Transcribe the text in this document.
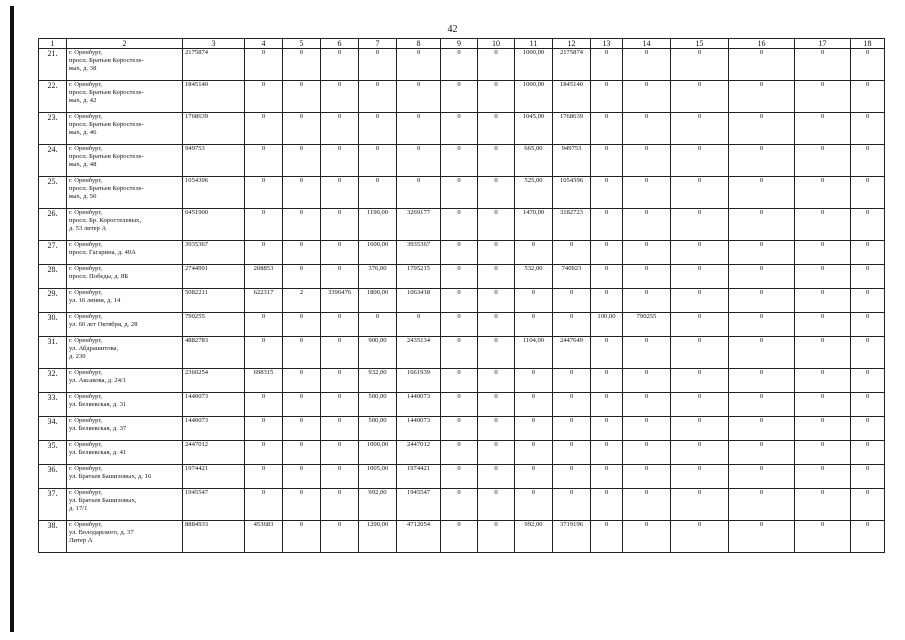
42
1	2	3	4	5	6	7	8	9	10	11	12	13	14	15	16	17	18
21.	г. Оренбург,
просп. Братьев Коростеле-
вых, д. 38	2175874	0	0	0	0	0	0	0	1000,00	2175874	0	0	0	0	0	0
22.	г. Оренбург,
просп. Братьев Коростеле-
вых, д. 42	1845140	0	0	0	0	0	0	0	1000,00	1845140	0	0	0	0	0	0
23.	г. Оренбург,
просп. Братьев Коростеле-
вых, д. 46	1768639	0	0	0	0	0	0	0	1045,00	1768639	0	0	0	0	0	0
24.	г. Оренбург,
просп. Братьев Коростеле-
вых, д. 48	949753	0	0	0	0	0	0	0	665,00	949753	0	0	0	0	0	0
25.	г. Оренбург,
просп. Братьев Коростеле-
вых, д. 50	1054396	0	0	0	0	0	0	0	525,00	1054396	0	0	0	0	0	0
26.	г. Оренбург,
просп. Бр. Коростелевых,
д. 53 литер А	6451900	0	0	0	1190,00	3269177	0	0	1470,00	3182723	0	0	0	0	0	0
27.	г. Оренбург,
просп. Гагарина, д. 40А	3935367	0	0	0	1600,00	3935367	0	0	0	0	0	0	0	0	0	0
28.	г. Оренбург,
просп. Победы, д. 8Б	2744991	208853	0	0	376,00	1795215	0	0	532,00	740923	0	0	0	0	0	0
29.	г. Оренбург,
ул. 16 линия, д. 14	5082211	622317	2	3396476	1800,00	1063418	0	0	0	0	0	0	0	0	0	0
30.	г. Оренбург,
ул. 60 лет Октября, д. 28	790255	0	0	0	0	0	0	0	0	0	100,00	790255	0	0	0	0
31.	г. Оренбург,
ул. Абдрашитова,
д. 230	4882783	0	0	0	900,00	2435134	0	0	1104,00	2447649	0	0	0	0	0	0
32.	г. Оренбург,
ул. Аксакова, д. 24/1	2360254	698315	0	0	932,00	1661939	0	0	0	0	0	0	0	0	0	0
33.	г. Оренбург,
ул. Беляевская, д. 31	1440073	0	0	0	500,00	1440073	0	0	0	0	0	0	0	0	0	0
34.	г. Оренбург,
ул. Беляевская, д. 37	1440073	0	0	0	500,00	1440073	0	0	0	0	0	0	0	0	0	0
35.	г. Оренбург,
ул. Беляевская, д. 41	2447012	0	0	0	1000,00	2447012	0	0	0	0	0	0	0	0	0	0
36.	г. Оренбург,
ул. Братьев Башиловых, д. 16	1974421	0	0	0	1005,00	1974421	0	0	0	0	0	0	0	0	0	0
37.	г. Оренбург,
ул. Братьев Башиловых,
д. 17/1	1945547	0	0	0	992,00	1945547	0	0	0	0	0	0	0	0	0	0
38.	г. Оренбург,
ул. Володарского, д. 37
Литер А	8884933	453683	0	0	1290,00	4712054	0	0	992,00	3719196	0	0	0	0	0	0
